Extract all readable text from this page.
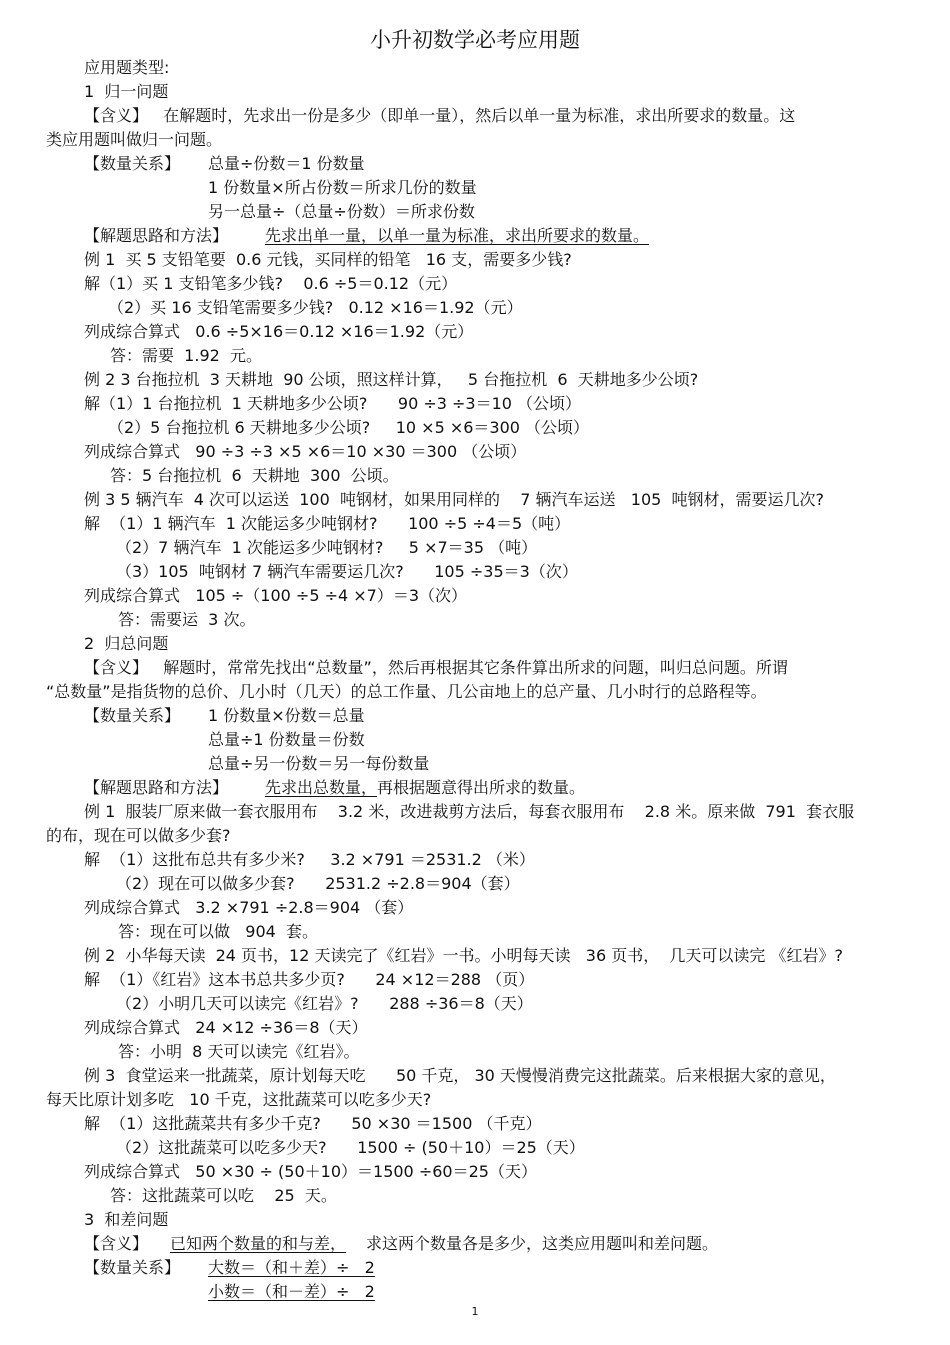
小升初数学必考应用题
应用题类型:
1  归一问题
【含义】   在解题时，先求出一份是多少（即单一量），然后以单一量为标准，求出所要求的数量。这
类应用题叫做归一问题。
【数量关系】 总量÷份数＝1 份数量
1 份数量×所占份数＝所求几份的数量
另一总量÷（总量÷份数）＝所求份数
【解题思路和方法】 先求出单一量，以单一量为标准，求出所要求的数量。
例 1  买 5 支铅笔要  0.6 元钱，买同样的铅笔   16 支，需要多少钱?
解（1）买 1 支铅笔多少钱?    0.6 ÷5＝0.12（元）
（2）买 16 支铅笔需要多少钱?   0.12 ×16＝1.92（元）
列成综合算式   0.6 ÷5×16＝0.12 ×16＝1.92（元）
答：需要  1.92  元。
例 2 3 台拖拉机  3 天耕地  90 公顷，照这样计算，   5 台拖拉机  6  天耕地多少公顷?
解（1）1 台拖拉机  1 天耕地多少公顷?      90 ÷3 ÷3＝10 （公顷）
（2）5 台拖拉机 6 天耕地多少公顷?     10 ×5 ×6＝300 （公顷）
列成综合算式   90 ÷3 ÷3 ×5 ×6＝10 ×30 ＝300 （公顷）
答：5 台拖拉机  6  天耕地  300  公顷。
例 3 5 辆汽车  4 次可以运送  100  吨钢材，如果用同样的    7 辆汽车运送   105  吨钢材，需要运几次?
解  （1）1 辆汽车  1 次能运多少吨钢材?      100 ÷5 ÷4＝5（吨）
（2）7 辆汽车  1 次能运多少吨钢材?     5 ×7＝35 （吨）
（3）105  吨钢材 7 辆汽车需要运几次?      105 ÷35＝3（次）
列成综合算式   105 ÷（100 ÷5 ÷4 ×7）＝3（次）
答：需要运  3 次。
2  归总问题
【含义】   解题时，常常先找出“总数量”，然后再根据其它条件算出所求的问题，叫归总问题。所谓
“总数量”是指货物的总价、几小时（几天）的总工作量、几公亩地上的总产量、几小时行的总路程等。
【数量关系】 1 份数量×份数＝总量
总量÷1 份数量＝份数
总量÷另一份数＝另一每份数量
【解题思路和方法】 先求出总数量， 再根据题意得出所求的数量。
例 1  服装厂原来做一套衣服用布    3.2 米，改进裁剪方法后，每套衣服用布    2.8 米。原来做  791  套衣服
的布，现在可以做多少套?
解  （1）这批布总共有多少米?     3.2 ×791 ＝2531.2 （米）
（2）现在可以做多少套?      2531.2 ÷2.8＝904（套）
列成综合算式   3.2 ×791 ÷2.8＝904 （套）
答：现在可以做   904  套。
例 2  小华每天读  24 页书，12 天读完了《红岩》一书。小明每天读   36 页书，  几天可以读完 《红岩》?
解  （1）《红岩》这本书总共多少页?      24 ×12＝288 （页）
（2）小明几天可以读完《红岩》?      288 ÷36＝8（天）
列成综合算式   24 ×12 ÷36＝8（天）
答：小明  8 天可以读完《红岩》。
例 3  食堂运来一批蔬菜，原计划每天吃      50 千克， 30 天慢慢消费完这批蔬菜。后来根据大家的意见，
每天比原计划多吃   10 千克，这批蔬菜可以吃多少天?
解  （1）这批蔬菜共有多少千克?      50 ×30 ＝1500 （千克）
（2）这批蔬菜可以吃多少天?      1500 ÷ (50＋10）＝25（天）
列成综合算式   50 ×30 ÷ (50＋10）＝1500 ÷60＝25（天）
答：这批蔬菜可以吃    25  天。
3  和差问题
【含义】 已知两个数量的和与差， 求这两个数量各是多少，这类应用题叫和差问题。
【数量关系】 大数＝（和＋差）÷   2
小数＝（和－差）÷   2
1
